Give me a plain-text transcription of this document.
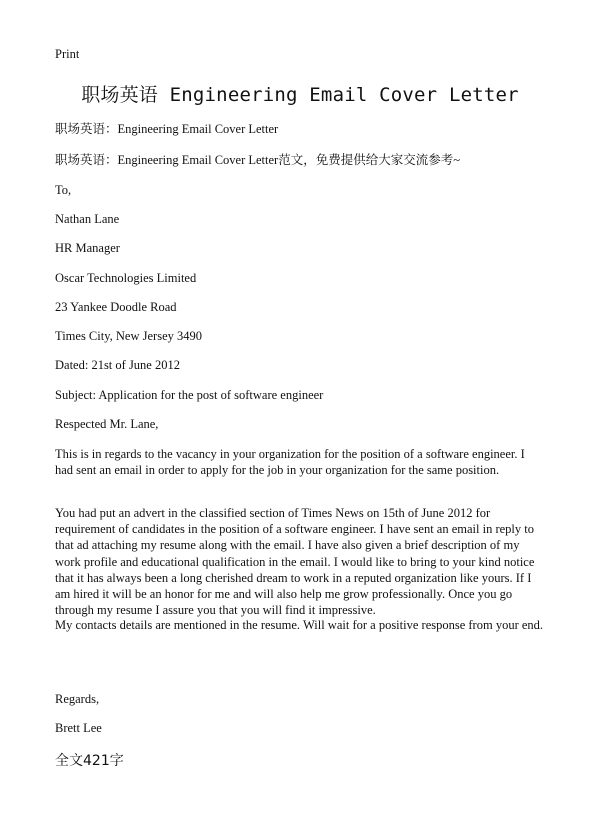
Print
职场英语 Engineering Email Cover Letter
职场英语：Engineering Email Cover Letter
职场英语：Engineering Email Cover Letter范文，免费提供给大家交流参考~
To,
Nathan Lane
HR Manager
Oscar Technologies Limited
23 Yankee Doodle Road
Times City, New Jersey 3490
Dated: 21st of June 2012
Subject: Application for the post of software engineer
Respected Mr. Lane,
This is in regards to the vacancy in your organization for the position of a software engineer. I had sent an email in order to apply for the job in your organization for the same position.
You had put an advert in the classified section of Times News on 15th of June 2012 for requirement of candidates in the position of a software engineer. I have sent an email in reply to that ad attaching my resume along with the email. I have also given a brief description of my work profile and educational qualification in the email. I would like to bring to your kind notice that it has always been a long cherished dream to work in a reputed organization like yours. If I am hired it will be an honor for me and will also help me grow professionally. Once you go through my resume I assure you that you will find it impressive.
My contacts details are mentioned in the resume. Will wait for a positive response from your end.
Regards,
Brett Lee
全文421字
